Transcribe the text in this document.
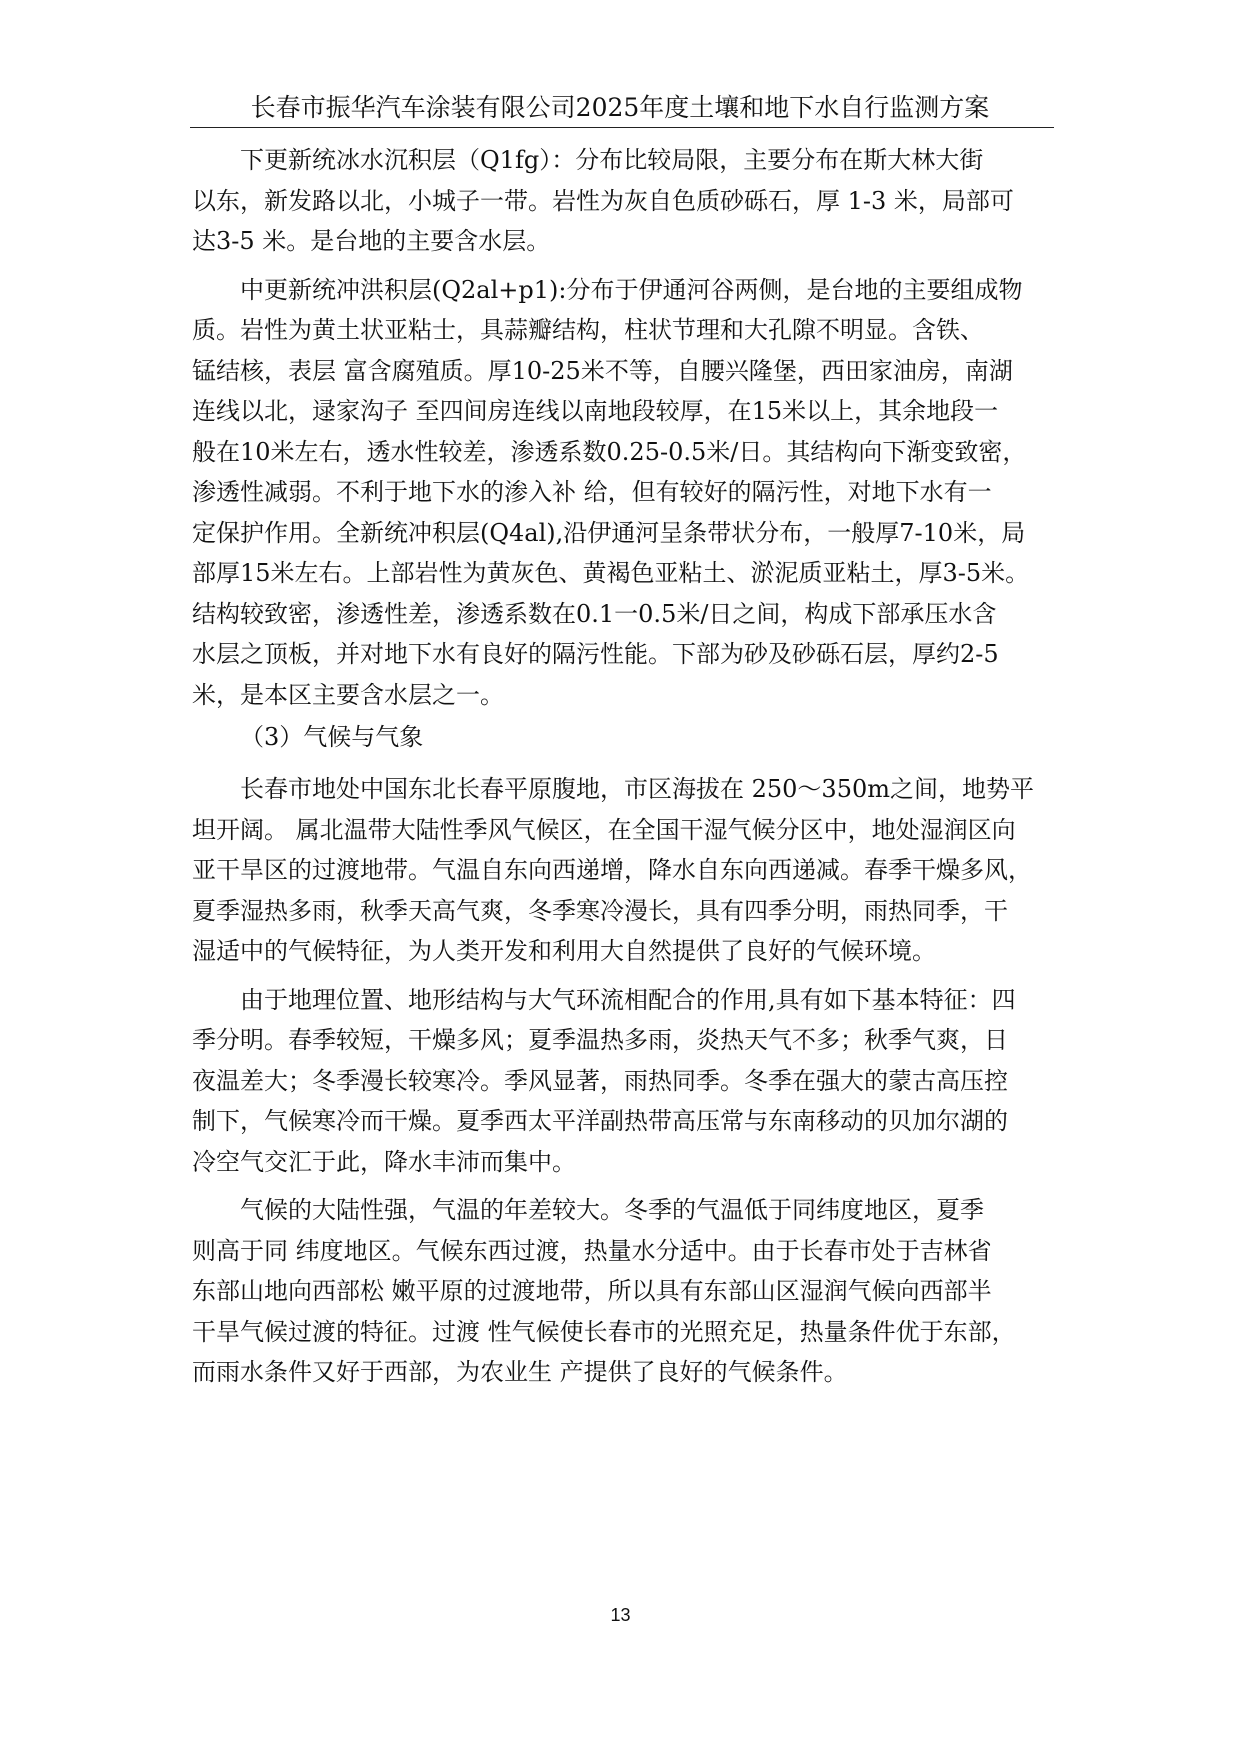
长春市振华汽车涂装有限公司2025年度土壤和地下水自行监测方案

下更新统冰水沉积层（Q1fg）：分布比较局限，主要分布在斯大林大街
以东，新发路以北，小城子一带。岩性为灰自色质砂砾石，厚 1-3 米，局部可
达3-5 米。是台地的主要含水层。

中更新统冲洪积层(Q2al+p1):分布于伊通河谷两侧，是台地的主要组成物
质。岩性为黄土状亚粘士，具蒜瓣结构，柱状节理和大孔隙不明显。含铁、
锰结核，表层 富含腐殖质。厚10-25米不等，自腰兴隆堡，西田家油房，南湖
连线以北，逯家沟子 至四间房连线以南地段较厚，在15米以上，其余地段一
般在10米左右，透水性较差，渗透系数0.25-0.5米/日。其结构向下渐变致密，
渗透性减弱。不利于地下水的渗入补 给，但有较好的隔污性，对地下水有一
定保护作用。全新统冲积层(Q4al),沿伊通河呈条带状分布，一般厚7-10米，局
部厚15米左右。上部岩性为黄灰色、黄褐色亚粘土、淤泥质亚粘土，厚3-5米。
结构较致密，渗透性差，渗透系数在0.1一0.5米/日之间，构成下部承压水含
水层之顶板，并对地下水有良好的隔污性能。下部为砂及砂砾石层，厚约2-5
米，是本区主要含水层之一。

（3）气候与气象

长春市地处中国东北长春平原腹地，市区海拔在 250～350m之间，地势平
坦开阔。 属北温带大陆性季风气候区，在全国干湿气候分区中，地处湿润区向
亚干旱区的过渡地带。气温自东向西递增，降水自东向西递减。春季干燥多风，
夏季湿热多雨，秋季天高气爽，冬季寒冷漫长，具有四季分明，雨热同季，干
湿适中的气候特征，为人类开发和利用大自然提供了良好的气候环境。

由于地理位置、地形结构与大气环流相配合的作用,具有如下基本特征：四
季分明。春季较短，干燥多风；夏季温热多雨，炎热天气不多；秋季气爽，日
夜温差大；冬季漫长较寒冷。季风显著，雨热同季。冬季在强大的蒙古高压控
制下，气候寒冷而干燥。夏季西太平洋副热带高压常与东南移动的贝加尔湖的
冷空气交汇于此，降水丰沛而集中。

气候的大陆性强，气温的年差较大。冬季的气温低于同纬度地区，夏季
则高于同 纬度地区。气候东西过渡，热量水分适中。由于长春市处于吉林省
东部山地向西部松 嫩平原的过渡地带，所以具有东部山区湿润气候向西部半
干旱气候过渡的特征。过渡 性气候使长春市的光照充足，热量条件优于东部，
而雨水条件又好于西部，为农业生 产提供了良好的气候条件。

13
